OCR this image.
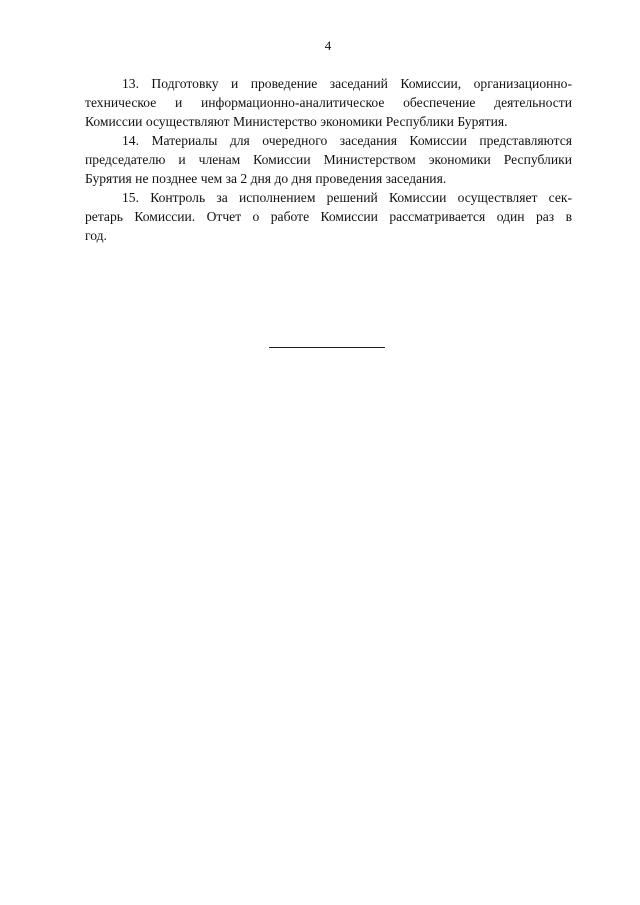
4
13. Подготовку и проведение заседаний Комиссии, организационно-
техническое и информационно-аналитическое обеспечение деятельности
Комиссии осуществляют Министерство экономики Республики Бурятия.
14. Материалы для очередного заседания Комиссии представляются
председателю и членам Комиссии Министерством экономики Республики
Бурятия не позднее чем за 2 дня до дня проведения заседания.
15. Контроль за исполнением решений Комиссии осуществляет сек-
ретарь Комиссии. Отчет о работе Комиссии рассматривается один раз в
год.
